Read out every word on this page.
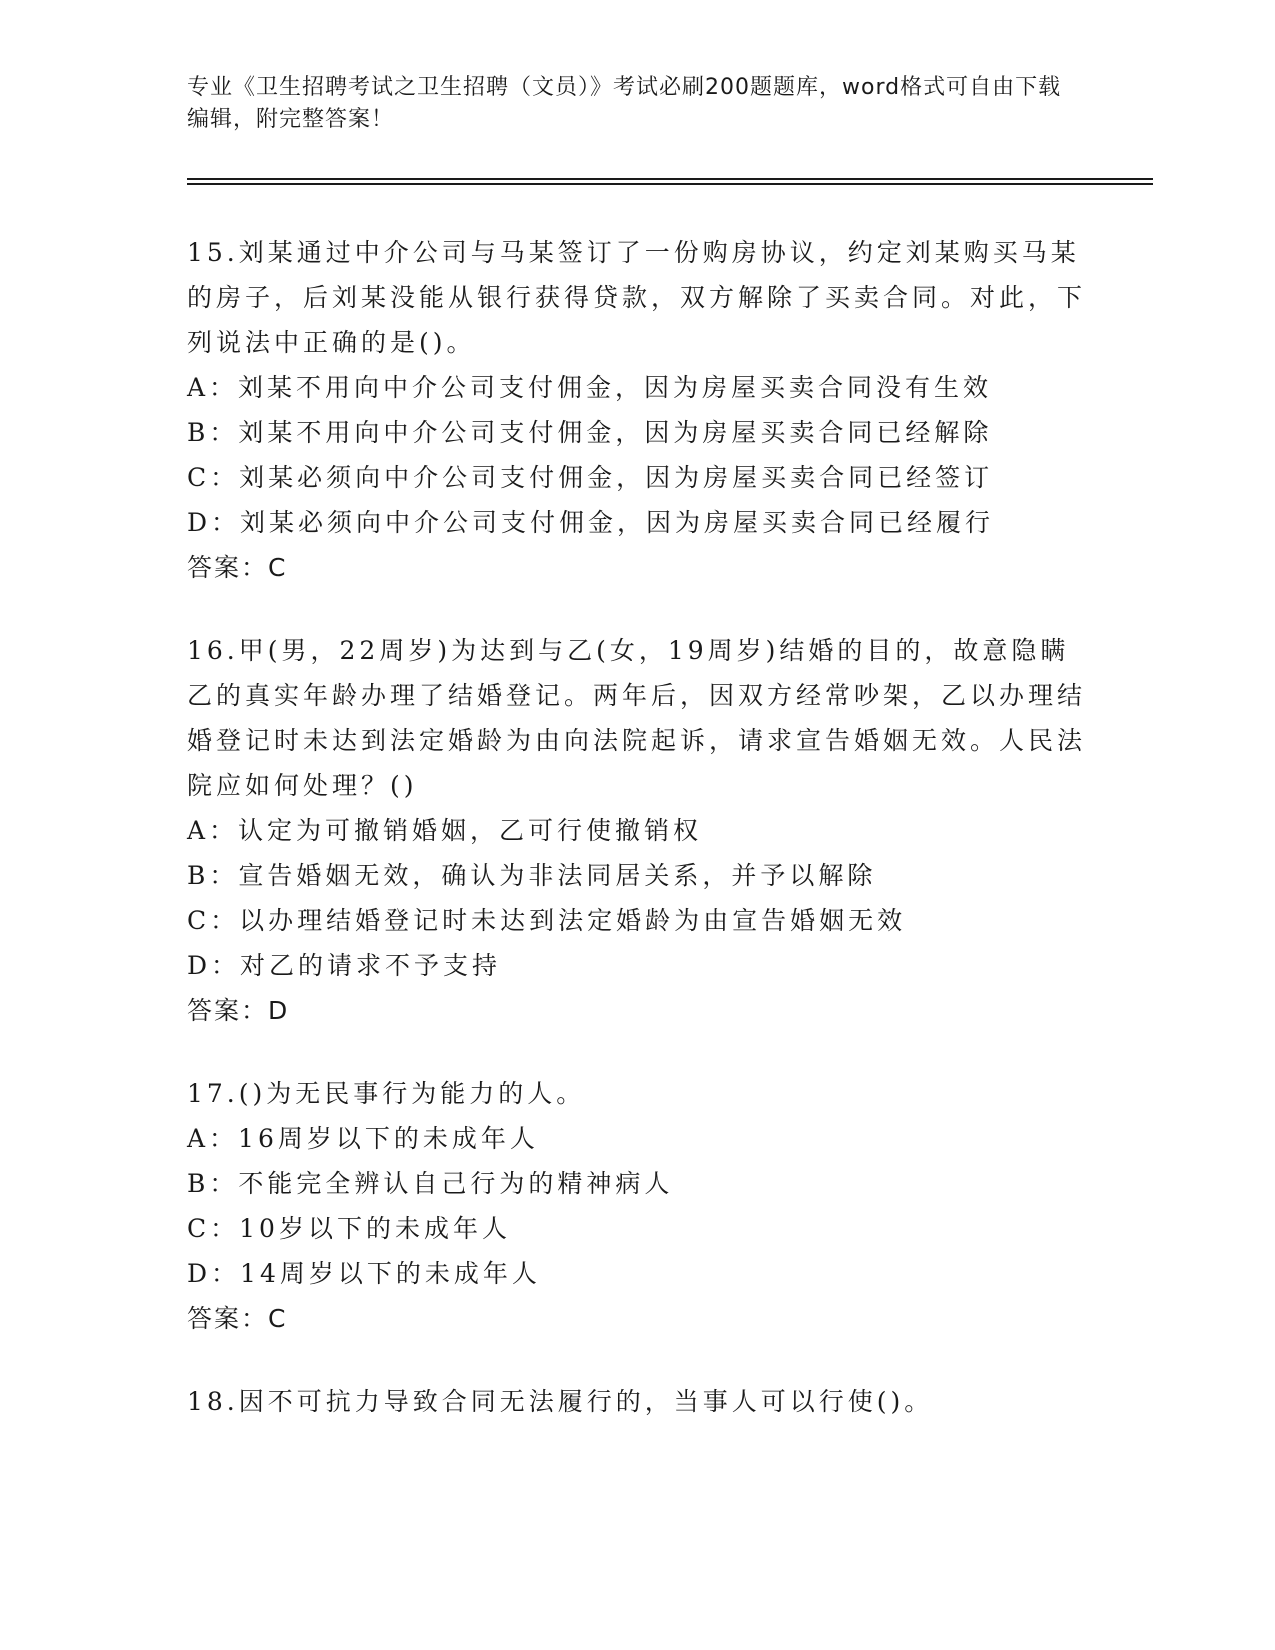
专业《卫生招聘考试之卫生招聘（文员）》考试必刷200题题库，word格式可自由下载编辑，附完整答案！
15.刘某通过中介公司与马某签订了一份购房协议，约定刘某购买马某的房子，后刘某没能从银行获得贷款，双方解除了买卖合同。对此，下列说法中正确的是()。
A：刘某不用向中介公司支付佣金，因为房屋买卖合同没有生效
B：刘某不用向中介公司支付佣金，因为房屋买卖合同已经解除
C：刘某必须向中介公司支付佣金，因为房屋买卖合同已经签订
D：刘某必须向中介公司支付佣金，因为房屋买卖合同已经履行
答案：C
16.甲(男，22周岁)为达到与乙(女，19周岁)结婚的目的，故意隐瞒乙的真实年龄办理了结婚登记。两年后，因双方经常吵架，乙以办理结婚登记时未达到法定婚龄为由向法院起诉，请求宣告婚姻无效。人民法院应如何处理？()
A：认定为可撤销婚姻，乙可行使撤销权
B：宣告婚姻无效，确认为非法同居关系，并予以解除
C：以办理结婚登记时未达到法定婚龄为由宣告婚姻无效
D：对乙的请求不予支持
答案：D
17.()为无民事行为能力的人。
A：16周岁以下的未成年人
B：不能完全辨认自己行为的精神病人
C：10岁以下的未成年人
D：14周岁以下的未成年人
答案：C
18.因不可抗力导致合同无法履行的，当事人可以行使()。
